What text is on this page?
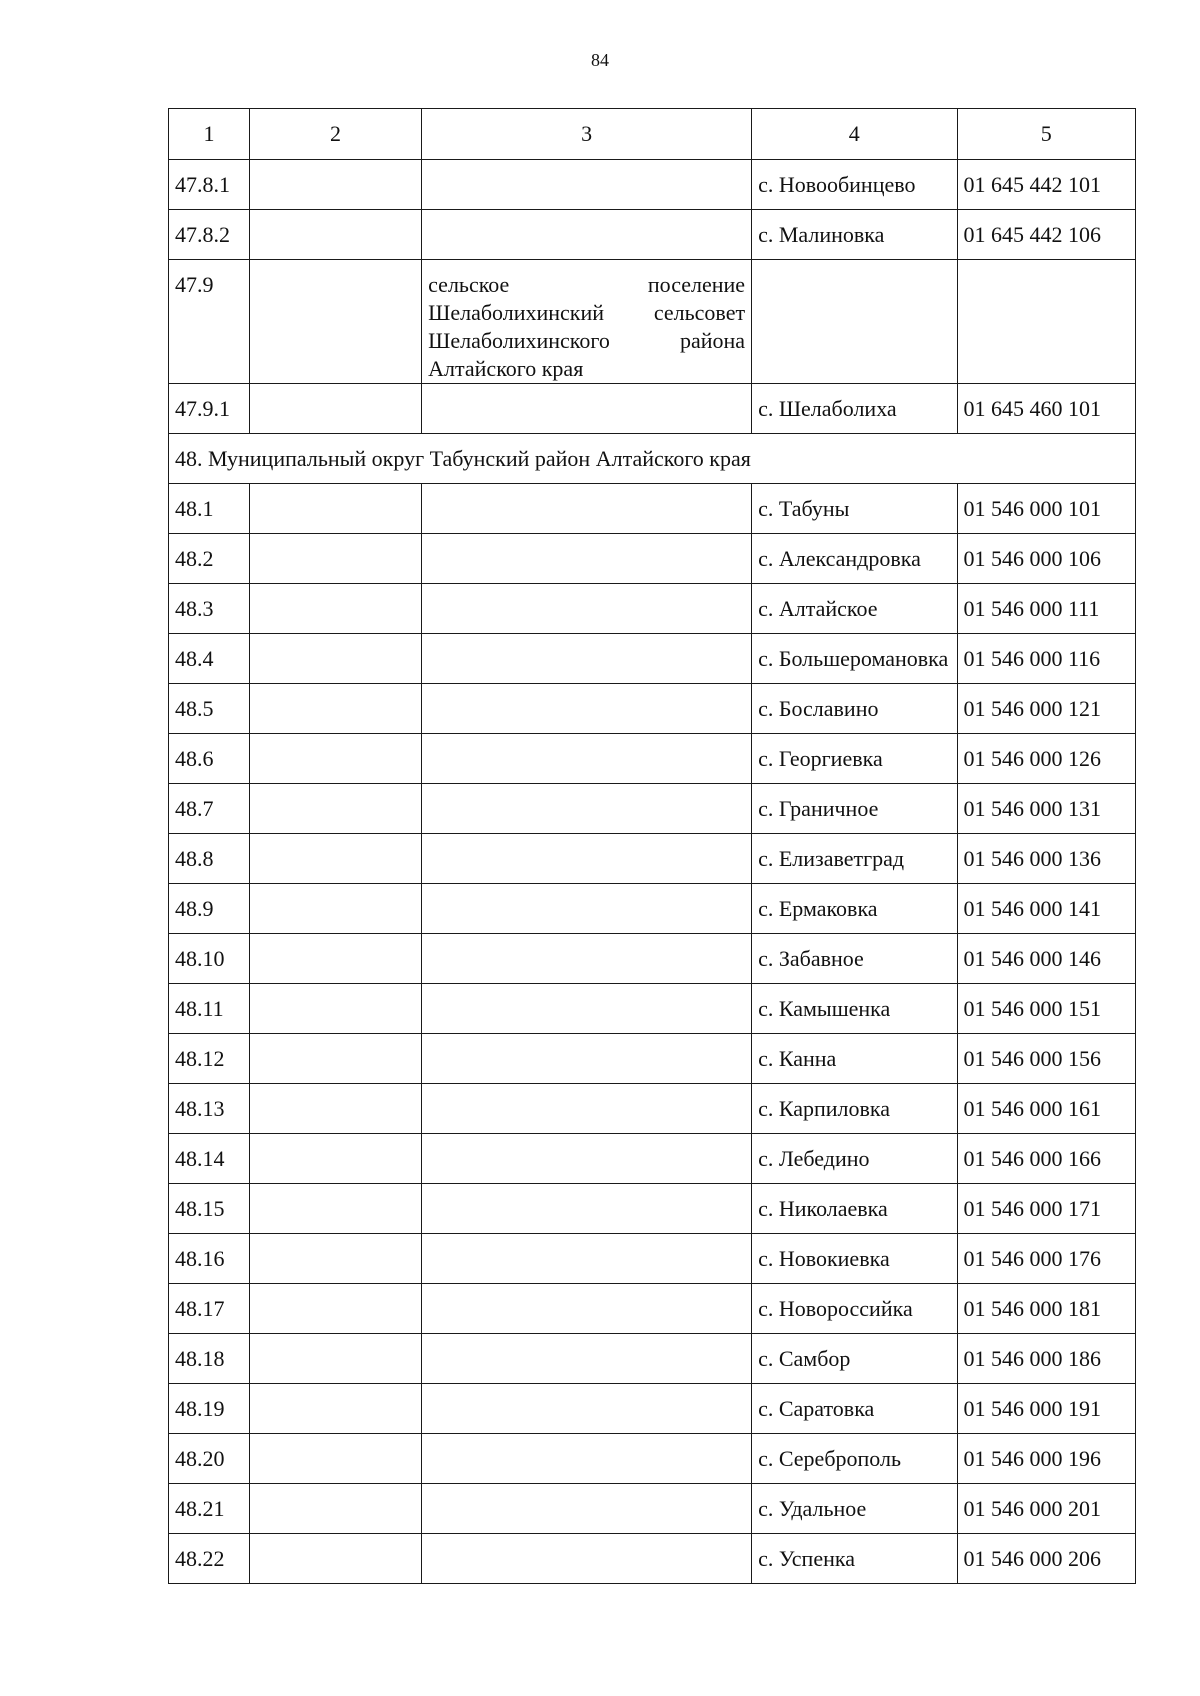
84
1	2	3	4	5
47.8.1			с. Новообинцево	01 645 442 101
47.8.2			с. Малиновка	01 645 442 106
47.9		сельское поселение Шелаболихинский сельсовет Шелаболихинского района Алтайского края		
47.9.1			с. Шелаболиха	01 645 460 101
48. Муниципальный округ Табунский район Алтайского края				
48.1			с. Табуны	01 546 000 101
48.2			с. Александровка	01 546 000 106
48.3			с. Алтайское	01 546 000 111
48.4			с. Большеромановка	01 546 000 116
48.5			с. Бославино	01 546 000 121
48.6			с. Георгиевка	01 546 000 126
48.7			с. Граничное	01 546 000 131
48.8			с. Елизаветград	01 546 000 136
48.9			с. Ермаковка	01 546 000 141
48.10			с. Забавное	01 546 000 146
48.11			с. Камышенка	01 546 000 151
48.12			с. Канна	01 546 000 156
48.13			с. Карпиловка	01 546 000 161
48.14			с. Лебедино	01 546 000 166
48.15			с. Николаевка	01 546 000 171
48.16			с. Новокиевка	01 546 000 176
48.17			с. Новороссийка	01 546 000 181
48.18			с. Самбор	01 546 000 186
48.19			с. Саратовка	01 546 000 191
48.20			с. Сереброполь	01 546 000 196
48.21			с. Удальное	01 546 000 201
48.22			с. Успенка	01 546 000 206
